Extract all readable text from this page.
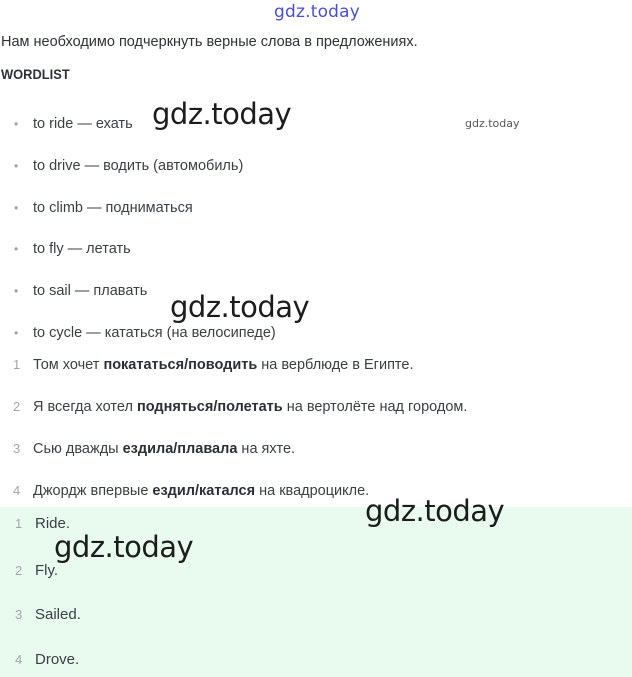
gdz.today

Нам необходимо подчеркнуть верные слова в предложениях.

WORDLIST

• to ride — ехать
• to drive — водить (автомобиль)
• to climb — подниматься
• to fly — летать
• to sail — плавать
• to cycle — кататься (на велосипеде)
1 Том хочет покататься/поводить на верблюде в Египте.
2 Я всегда хотел подняться/полетать на вертолёте над городом.
3 Сью дважды ездила/плавала на яхте.
4 Джордж впервые ездил/катался на квадроцикле.
1 Ride.
2 Fly.
3 Sailed.
4 Drove.

gdz.today	gdz.today

gdz.today

gdz.today

gdz.today
